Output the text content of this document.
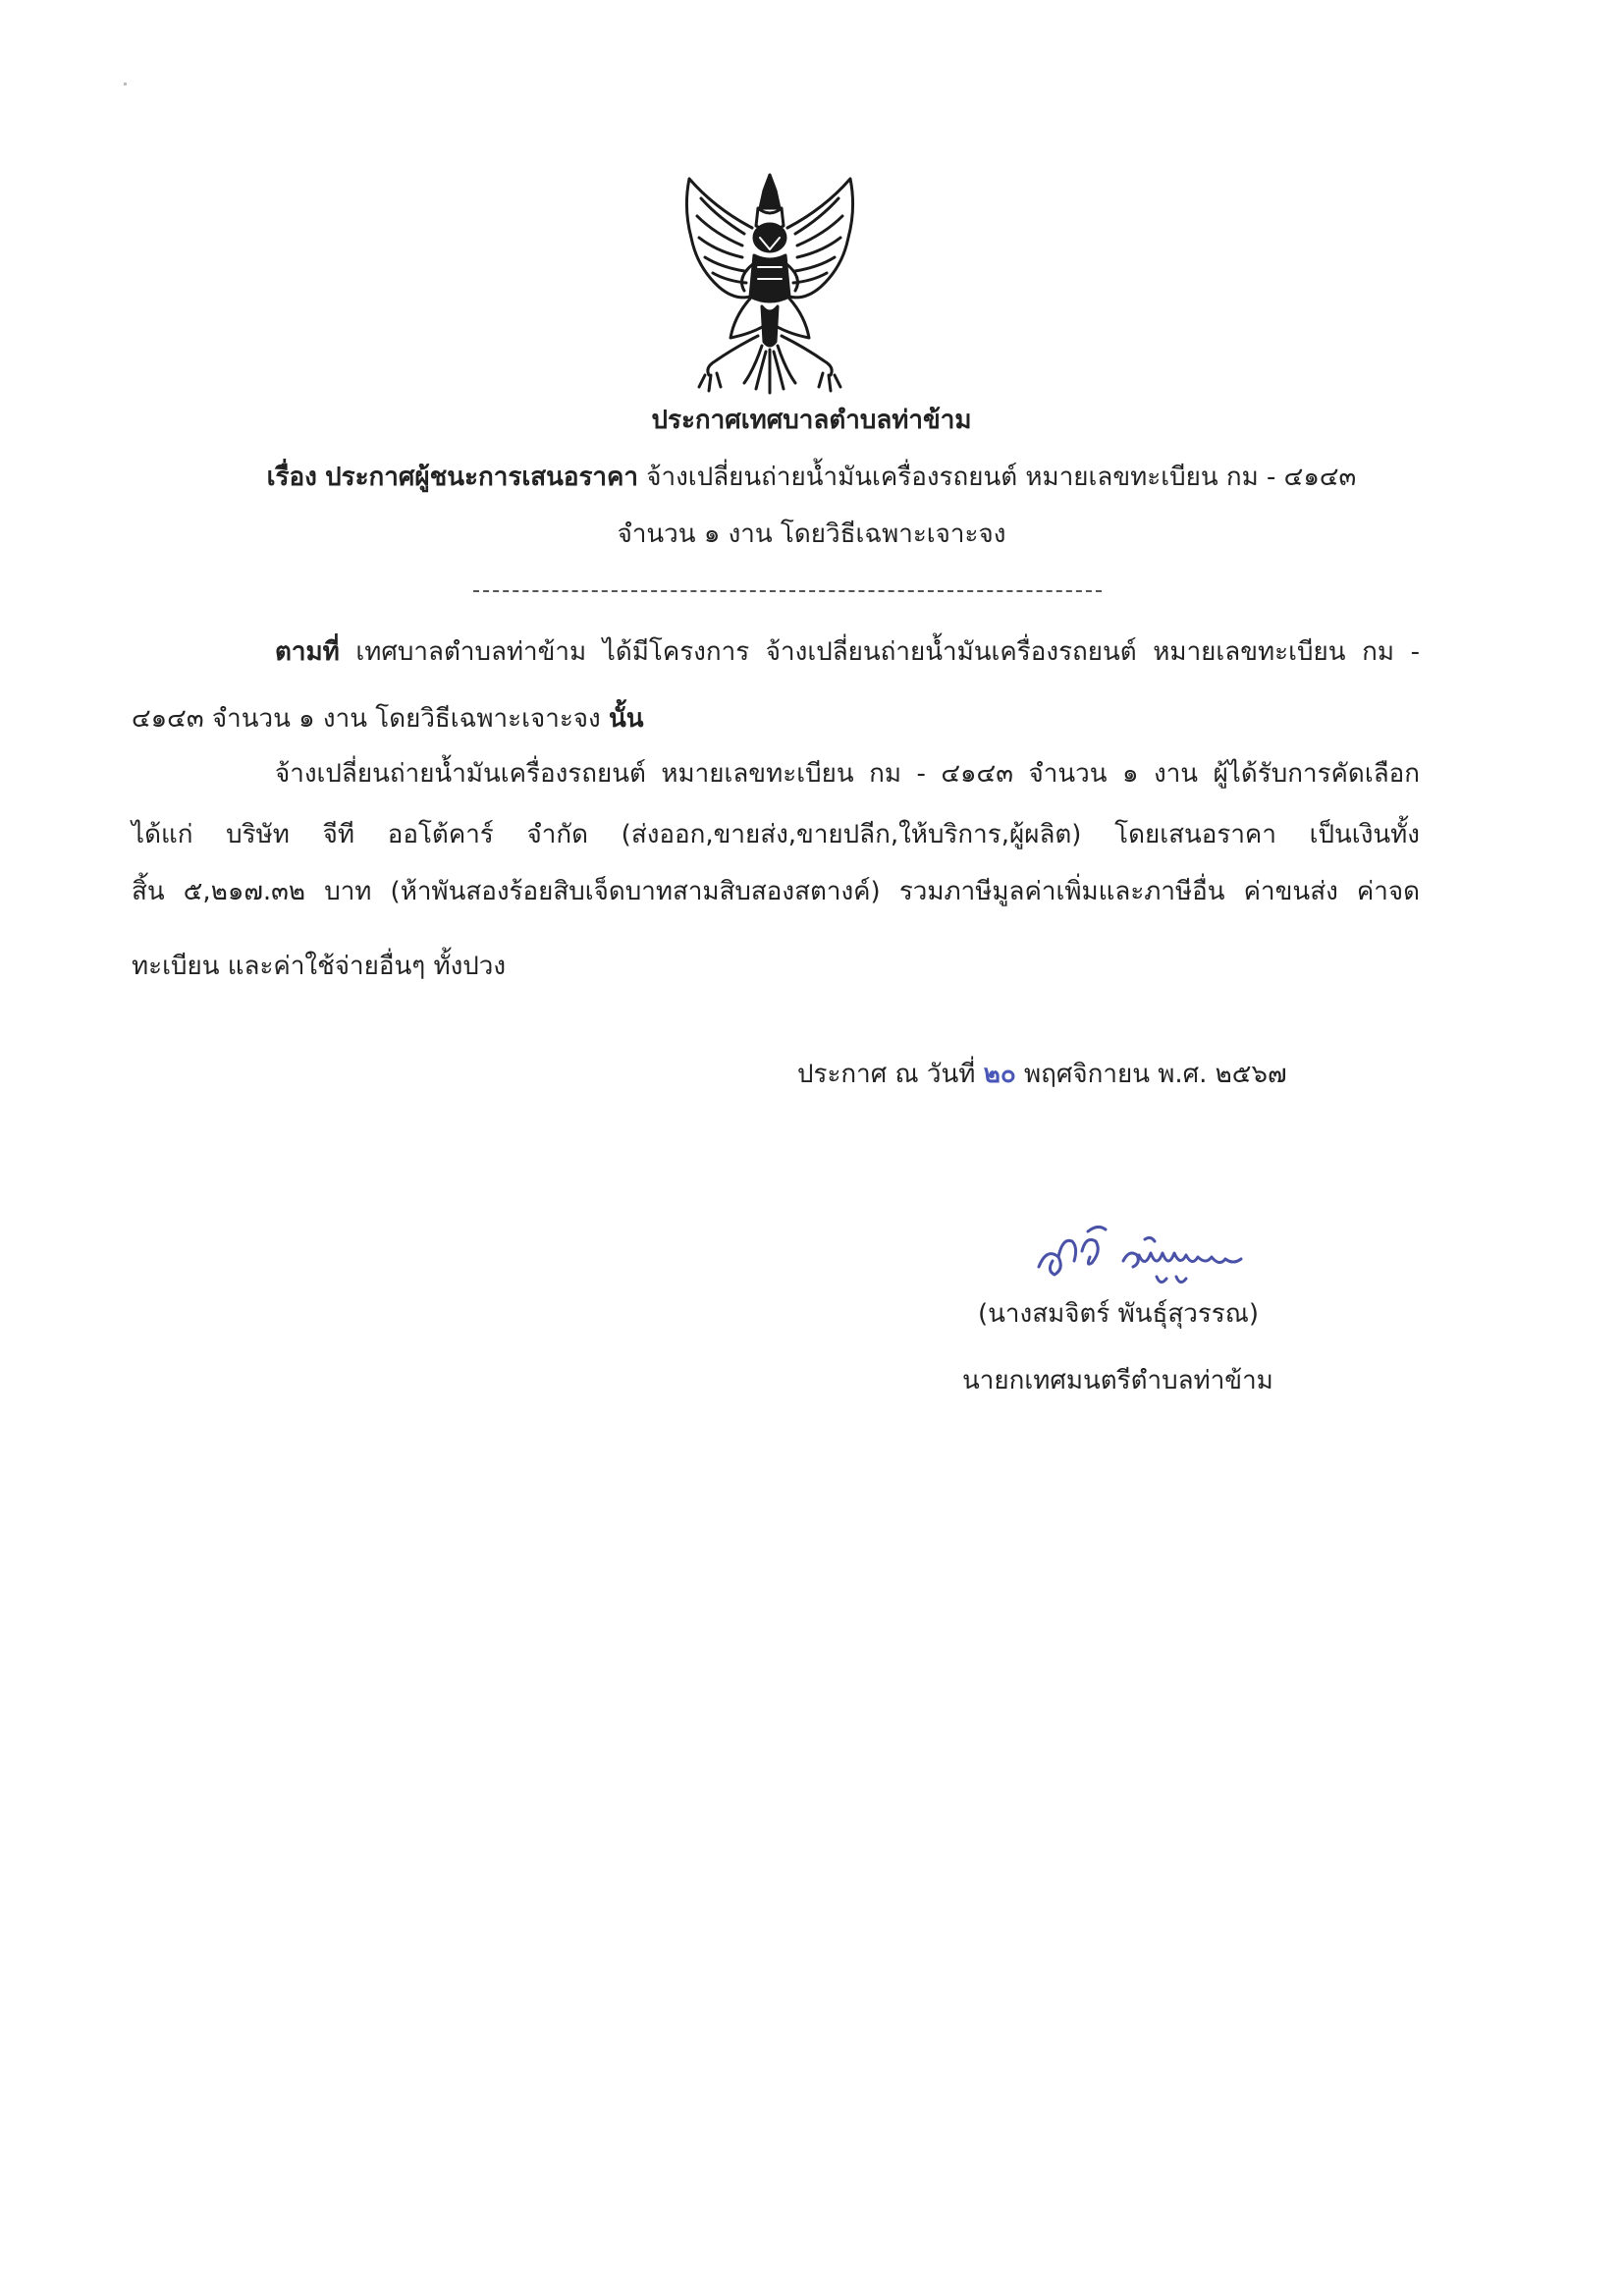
ประกาศเทศบาลตำบลท่าข้าม
เรื่อง ประกาศผู้ชนะการเสนอราคา จ้างเปลี่ยนถ่ายน้ำมันเครื่องรถยนต์ หมายเลขทะเบียน กม - ๔๑๔๓
จำนวน ๑ งาน โดยวิธีเฉพาะเจาะจง
ตามที่ เทศบาลตำบลท่าข้าม ได้มีโครงการ จ้างเปลี่ยนถ่ายน้ำมันเครื่องรถยนต์ หมายเลขทะเบียน กม -
๔๑๔๓ จำนวน ๑ งาน โดยวิธีเฉพาะเจาะจง นั้น
จ้างเปลี่ยนถ่ายน้ำมันเครื่องรถยนต์ หมายเลขทะเบียน กม - ๔๑๔๓ จำนวน ๑ งาน ผู้ได้รับการคัดเลือก
ได้แก่ บริษัท จีที ออโต้คาร์ จำกัด (ส่งออก,ขายส่ง,ขายปลีก,ให้บริการ,ผู้ผลิต) โดยเสนอราคา เป็นเงินทั้ง
สิ้น ๕,๒๑๗.๓๒ บาท (ห้าพันสองร้อยสิบเจ็ดบาทสามสิบสองสตางค์) รวมภาษีมูลค่าเพิ่มและภาษีอื่น ค่าขนส่ง ค่าจด
ทะเบียน และค่าใช้จ่ายอื่นๆ ทั้งปวง
ประกาศ ณ วันที่ ๒๐ พฤศจิกายน พ.ศ. ๒๕๖๗
(นางสมจิตร์ พันธุ์สุวรรณ)
นายกเทศมนตรีตำบลท่าข้าม
